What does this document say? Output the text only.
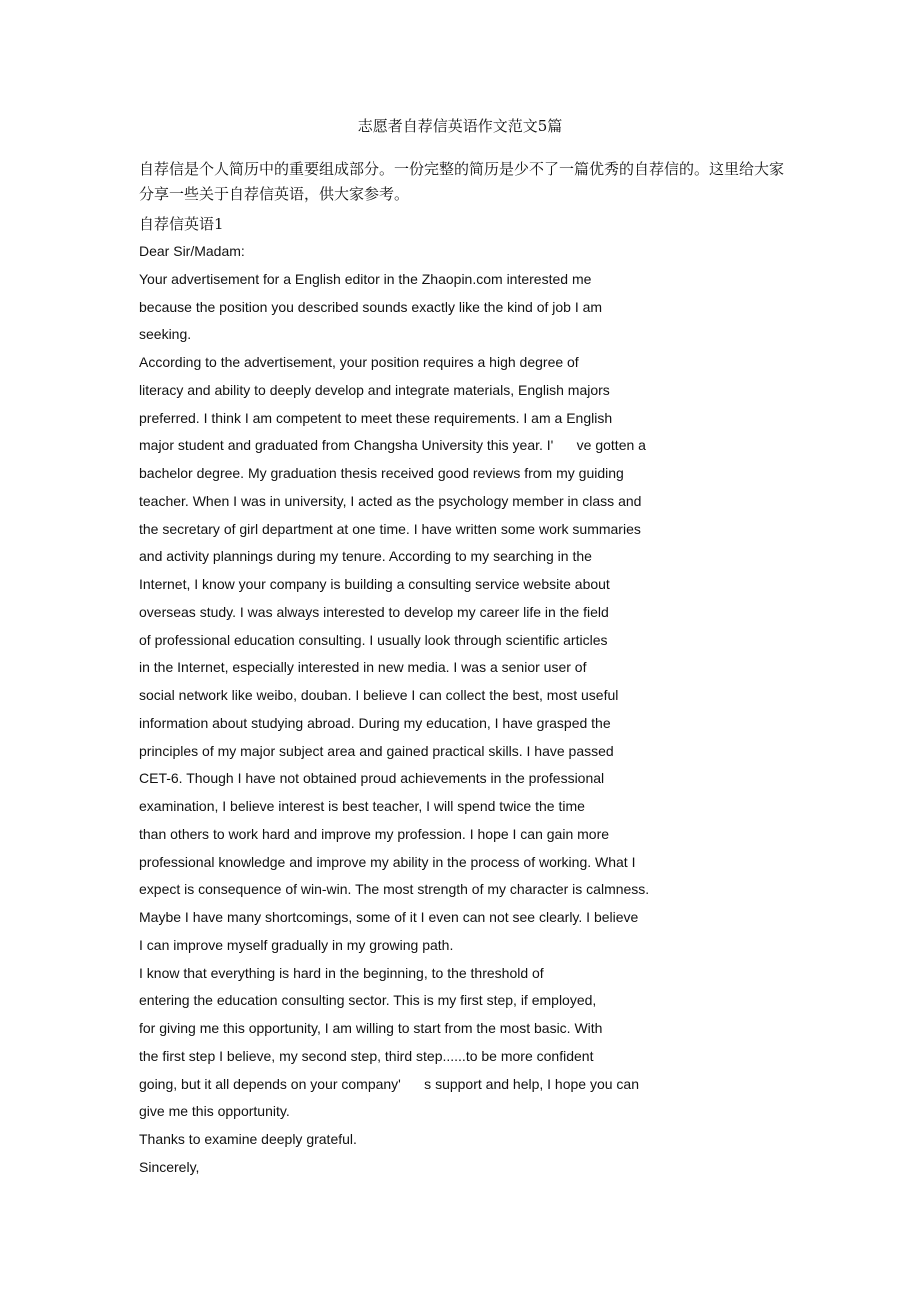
志愿者自荐信英语作文范文5篇

自荐信是个人简历中的重要组成部分。一份完整的简历是少不了一篇优秀的自荐信的。这里给大家分享一些关于自荐信英语，供大家参考。

自荐信英语1
Dear Sir/Madam:
Your advertisement for a English editor in the Zhaopin.com interested me
because the position you described sounds exactly like the kind of job I am
seeking.
According to the advertisement, your position requires a high degree of
literacy and ability to deeply develop and integrate materials, English majors
preferred. I think I am competent to meet these requirements. I am a English
major student and graduated from Changsha University this year. I'      ve gotten a
bachelor degree. My graduation thesis received good reviews from my guiding
teacher. When I was in university, I acted as the psychology member in class and
the secretary of girl department at one time. I have written some work summaries
and activity plannings during my tenure. According to my searching in the
Internet, I know your company is building a consulting service website about
overseas study. I was always interested to develop my career life in the field
of professional education consulting. I usually look through scientific articles
in the Internet, especially interested in new media. I was a senior user of
social network like weibo, douban. I believe I can collect the best, most useful
information about studying abroad. During my education, I have grasped the
principles of my major subject area and gained practical skills. I have passed
CET-6. Though I have not obtained proud achievements in the professional
examination, I believe interest is best teacher, I will spend twice the time
than others to work hard and improve my profession. I hope I can gain more
professional knowledge and improve my ability in the process of working. What I
expect is consequence of win-win. The most strength of my character is calmness.
Maybe I have many shortcomings, some of it I even can not see clearly. I believe
I can improve myself gradually in my growing path.
I know that everything is hard in the beginning, to the threshold of
entering the education consulting sector. This is my first step, if employed,
for giving me this opportunity, I am willing to start from the most basic. With
the first step I believe, my second step, third step......to be more confident
going, but it all depends on your company'      s support and help, I hope you can
give me this opportunity.
Thanks to examine deeply grateful.
Sincerely,
